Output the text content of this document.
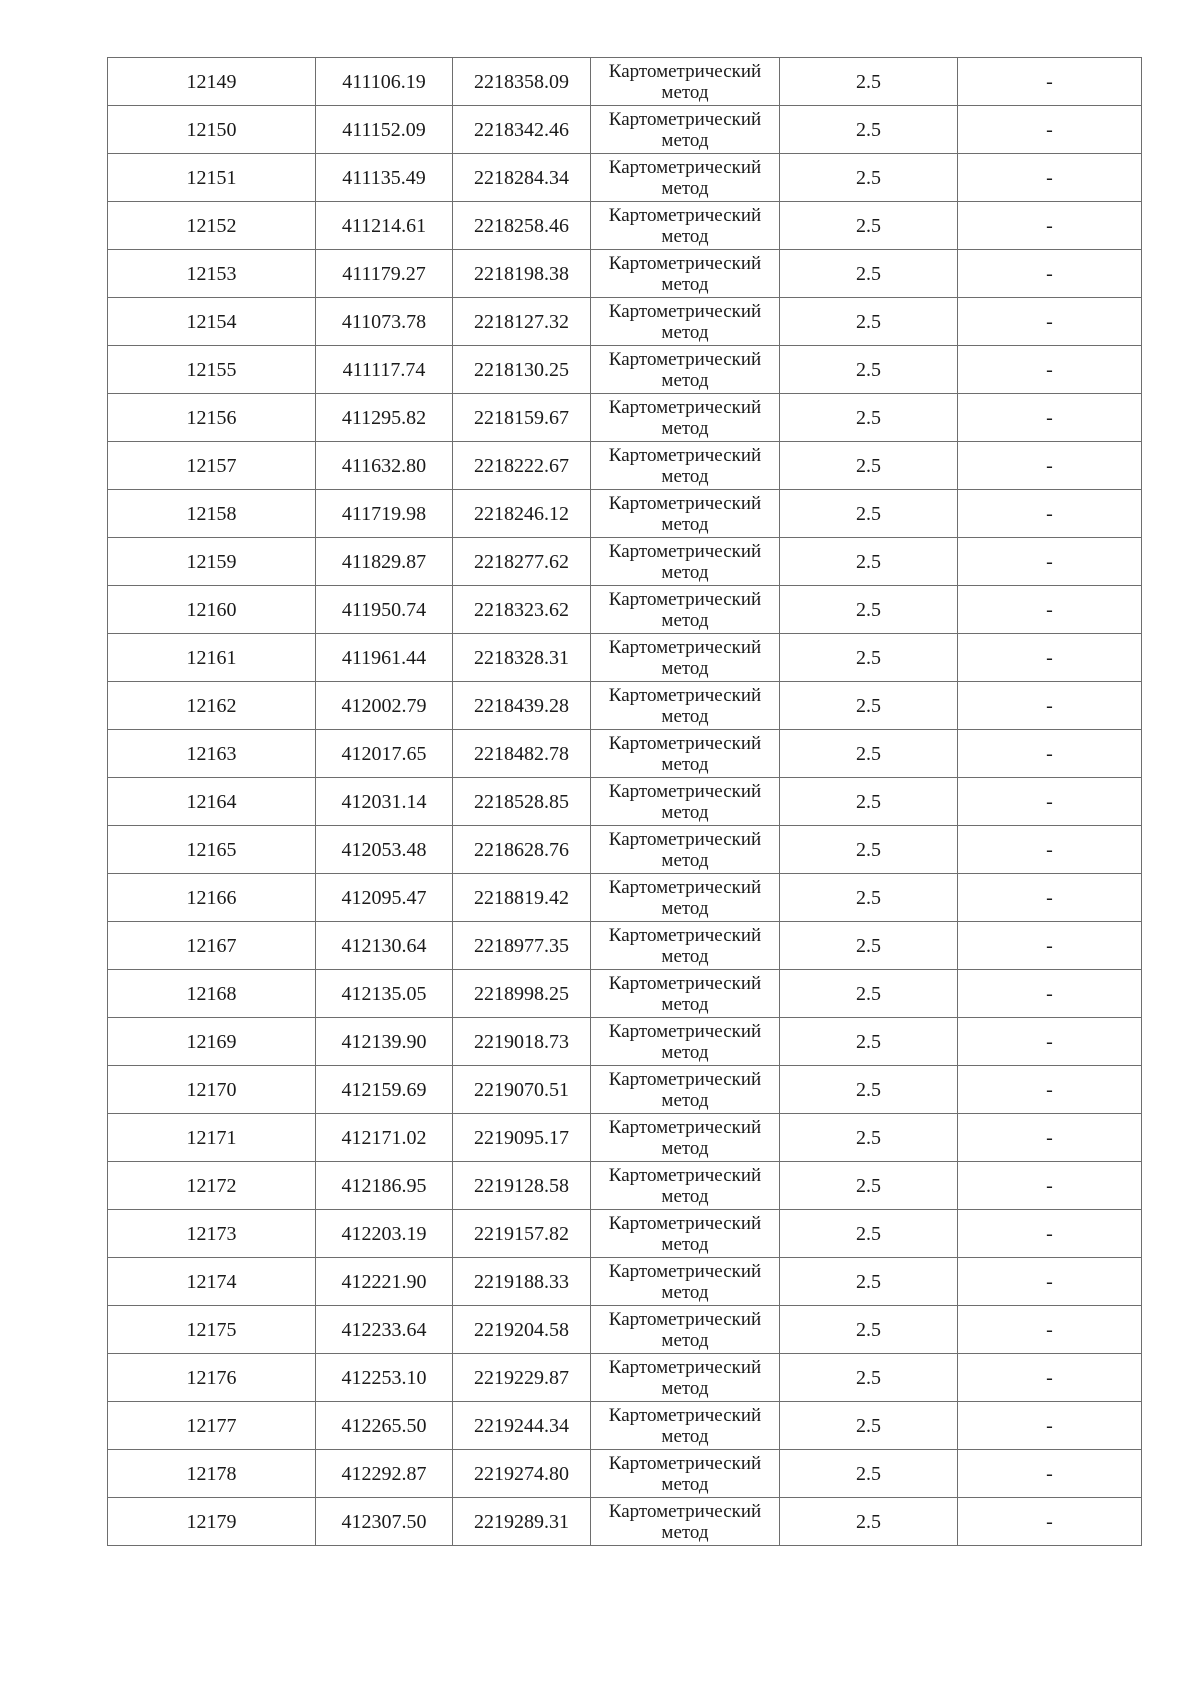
12149	411106.19	2218358.09	Картометрический
метод	2.5	-
12150	411152.09	2218342.46	Картометрический
метод	2.5	-
12151	411135.49	2218284.34	Картометрический
метод	2.5	-
12152	411214.61	2218258.46	Картометрический
метод	2.5	-
12153	411179.27	2218198.38	Картометрический
метод	2.5	-
12154	411073.78	2218127.32	Картометрический
метод	2.5	-
12155	411117.74	2218130.25	Картометрический
метод	2.5	-
12156	411295.82	2218159.67	Картометрический
метод	2.5	-
12157	411632.80	2218222.67	Картометрический
метод	2.5	-
12158	411719.98	2218246.12	Картометрический
метод	2.5	-
12159	411829.87	2218277.62	Картометрический
метод	2.5	-
12160	411950.74	2218323.62	Картометрический
метод	2.5	-
12161	411961.44	2218328.31	Картометрический
метод	2.5	-
12162	412002.79	2218439.28	Картометрический
метод	2.5	-
12163	412017.65	2218482.78	Картометрический
метод	2.5	-
12164	412031.14	2218528.85	Картометрический
метод	2.5	-
12165	412053.48	2218628.76	Картометрический
метод	2.5	-
12166	412095.47	2218819.42	Картометрический
метод	2.5	-
12167	412130.64	2218977.35	Картометрический
метод	2.5	-
12168	412135.05	2218998.25	Картометрический
метод	2.5	-
12169	412139.90	2219018.73	Картометрический
метод	2.5	-
12170	412159.69	2219070.51	Картометрический
метод	2.5	-
12171	412171.02	2219095.17	Картометрический
метод	2.5	-
12172	412186.95	2219128.58	Картометрический
метод	2.5	-
12173	412203.19	2219157.82	Картометрический
метод	2.5	-
12174	412221.90	2219188.33	Картометрический
метод	2.5	-
12175	412233.64	2219204.58	Картометрический
метод	2.5	-
12176	412253.10	2219229.87	Картометрический
метод	2.5	-
12177	412265.50	2219244.34	Картометрический
метод	2.5	-
12178	412292.87	2219274.80	Картометрический
метод	2.5	-
12179	412307.50	2219289.31	Картометрический
метод	2.5	-
